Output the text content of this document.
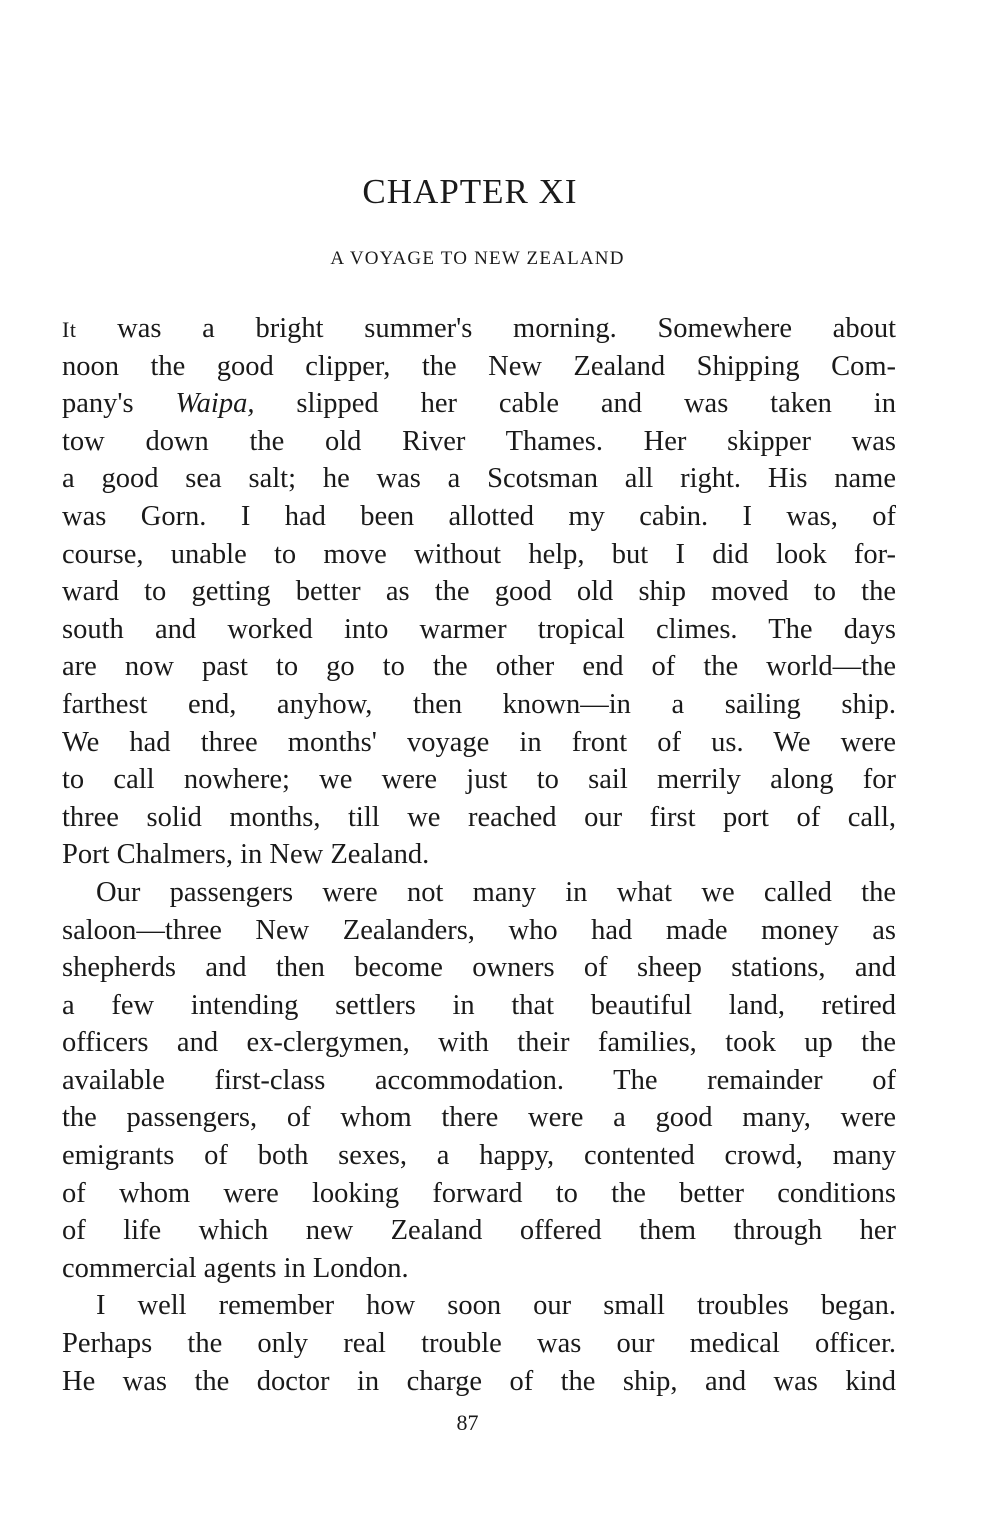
CHAPTER XI
A VOYAGE TO NEW ZEALAND
It was a bright summer's morning. Somewhere about
noon the good clipper, the New Zealand Shipping Com-
pany's Waipa, slipped her cable and was taken in
tow down the old River Thames. Her skipper was
a good sea salt; he was a Scotsman all right. His name
was Gorn. I had been allotted my cabin. I was, of
course, unable to move without help, but I did look for-
ward to getting better as the good old ship moved to the
south and worked into warmer tropical climes. The days
are now past to go to the other end of the world—the
farthest end, anyhow, then known—in a sailing ship.
We had three months' voyage in front of us. We were
to call nowhere; we were just to sail merrily along for
three solid months, till we reached our first port of call,
Port Chalmers, in New Zealand.
Our passengers were not many in what we called the
saloon—three New Zealanders, who had made money as
shepherds and then become owners of sheep stations, and
a few intending settlers in that beautiful land, retired
officers and ex-clergymen, with their families, took up the
available first-class accommodation. The remainder of
the passengers, of whom there were a good many, were
emigrants of both sexes, a happy, contented crowd, many
of whom were looking forward to the better conditions
of life which new Zealand offered them through her
commercial agents in London.
I well remember how soon our small troubles began.
Perhaps the only real trouble was our medical officer.
He was the doctor in charge of the ship, and was kind
87
